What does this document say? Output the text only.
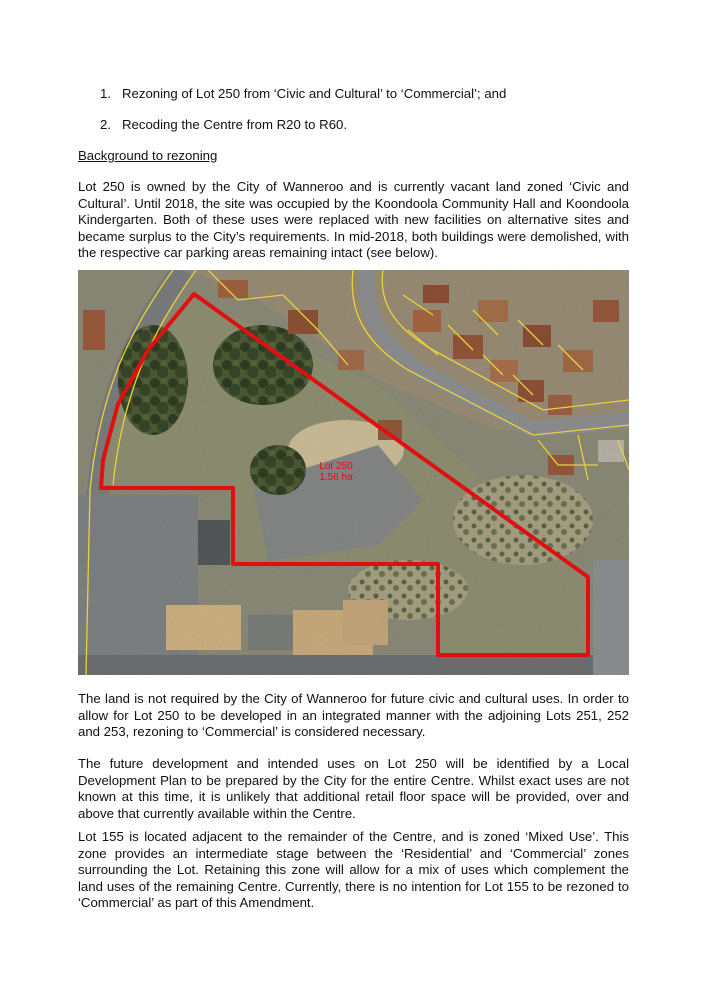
1. Rezoning of Lot 250 from ‘Civic and Cultural’ to ‘Commercial’; and
2. Recoding the Centre from R20 to R60.
Background to rezoning

Lot 250 is owned by the City of Wanneroo and is currently vacant land zoned ‘Civic and Cultural’. Until 2018, the site was occupied by the Koondoola Community Hall and Koondoola Kindergarten. Both of these uses were replaced with new facilities on alternative sites and became surplus to the City’s requirements. In mid-2018, both buildings were demolished, with the respective car parking areas remaining intact (see below).

Lot 250
1.56 ha

The land is not required by the City of Wanneroo for future civic and cultural uses. In order to allow for Lot 250 to be developed in an integrated manner with the adjoining Lots 251, 252 and 253, rezoning to ‘Commercial’ is considered necessary.

The future development and intended uses on Lot 250 will be identified by a Local Development Plan to be prepared by the City for the entire Centre. Whilst exact uses are not known at this time, it is unlikely that additional retail floor space will be provided, over and above that currently available within the Centre.

Lot 155 is located adjacent to the remainder of the Centre, and is zoned ‘Mixed Use’. This zone provides an intermediate stage between the ‘Residential’ and ‘Commercial’ zones surrounding the Lot. Retaining this zone will allow for a mix of uses which complement the land uses of the remaining Centre. Currently, there is no intention for Lot 155 to be rezoned to ‘Commercial’ as part of this Amendment.
